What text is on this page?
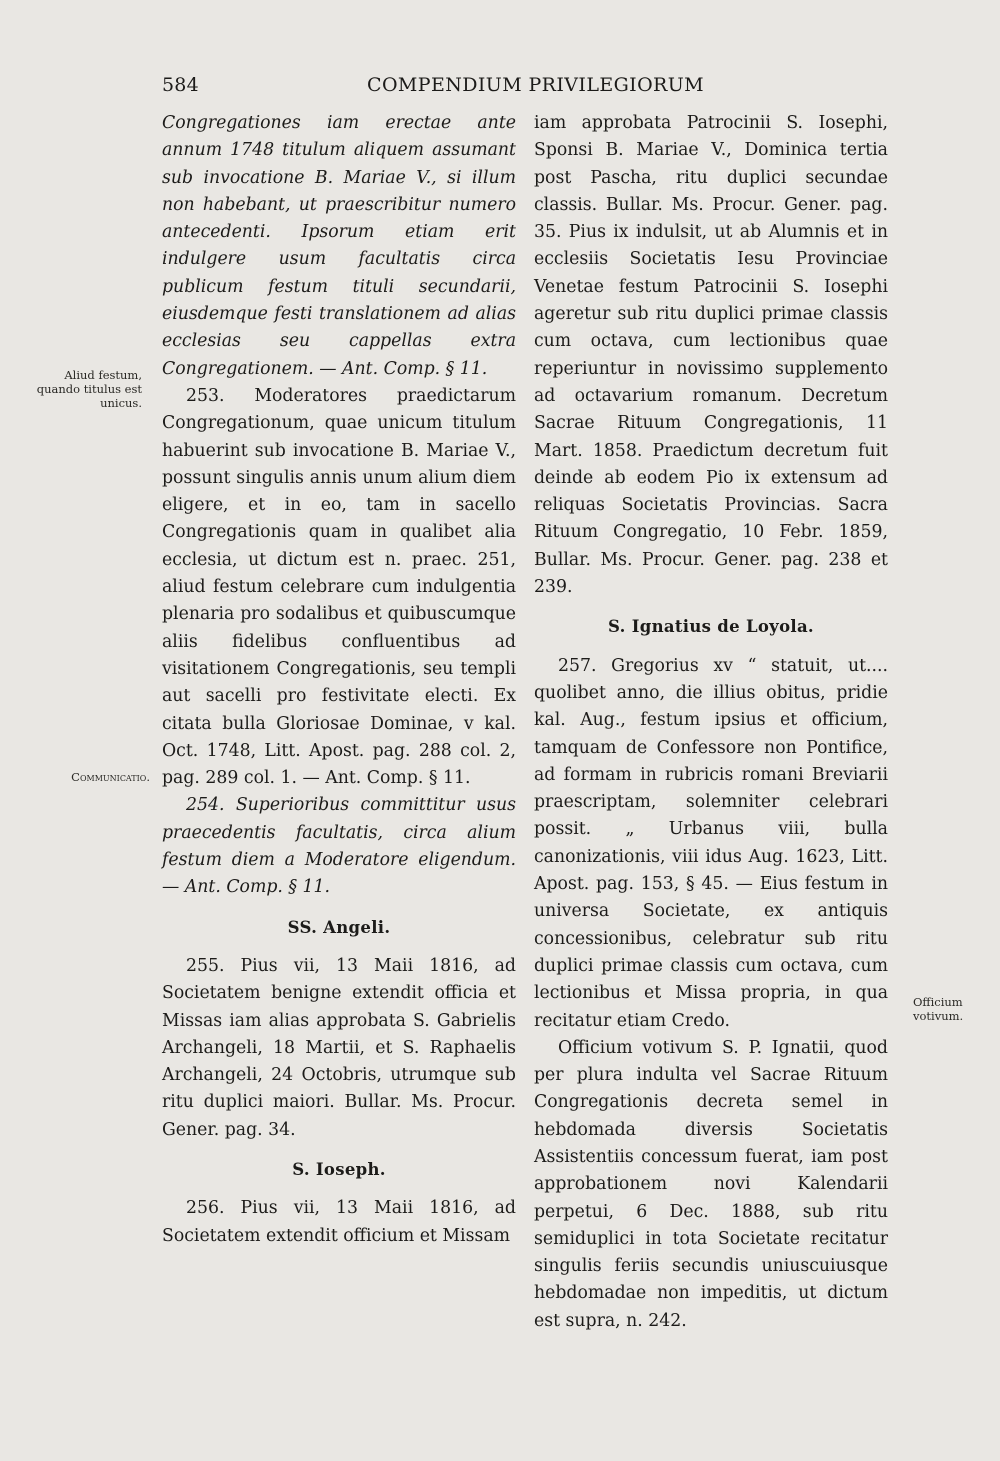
584	COMPENDIUM PRIVILEGIORUM
Aliud festum, quando titulus est unicus.
Communicatio.
Officium votivum.

Congregationes iam erectae ante annum 1748 titulum aliquem assumant sub invocatione B. Mariae V., si illum non habebant, ut praescribitur numero antecedenti. Ipsorum etiam erit indulgere usum facultatis circa publicum festum tituli secundarii, eiusdemque festi translationem ad alias ecclesias seu cappellas extra Congregationem. — Ant. Comp. § 11.

253. Moderatores praedictarum Congregationum, quae unicum titulum habuerint sub invocatione B. Mariae V., possunt singulis annis unum alium diem eligere, et in eo, tam in sacello Congregationis quam in qualibet alia ecclesia, ut dictum est n. praec. 251, aliud festum celebrare cum indulgentia plenaria pro sodalibus et quibuscumque aliis fidelibus confluentibus ad visitationem Congregationis, seu templi aut sacelli pro festivitate electi. Ex citata bulla Gloriosae Dominae, v kal. Oct. 1748, Litt. Apost. pag. 288 col. 2, pag. 289 col. 1. — Ant. Comp. § 11.

254. Superioribus committitur usus praecedentis facultatis, circa alium festum diem a Moderatore eligendum. — Ant. Comp. § 11.

SS. Angeli.

255. Pius vii, 13 Maii 1816, ad Societatem benigne extendit officia et Missas iam alias approbata S. Gabrielis Archangeli, 18 Martii, et S. Raphaelis Archangeli, 24 Octobris, utrumque sub ritu duplici maiori. Bullar. Ms. Procur. Gener. pag. 34.

S. Ioseph.

256. Pius vii, 13 Maii 1816, ad Societatem extendit officium et Missam

iam approbata Patrocinii S. Iosephi, Sponsi B. Mariae V., Dominica tertia post Pascha, ritu duplici secundae classis. Bullar. Ms. Procur. Gener. pag. 35. Pius ix indulsit, ut ab Alumnis et in ecclesiis Societatis Iesu Provinciae Venetae festum Patrocinii S. Iosephi ageretur sub ritu duplici primae classis cum octava, cum lectionibus quae reperiuntur in novissimo supplemento ad octavarium romanum. Decretum Sacrae Rituum Congregationis, 11 Mart. 1858. Praedictum decretum fuit deinde ab eodem Pio ix extensum ad reliquas Societatis Provincias. Sacra Rituum Congregatio, 10 Febr. 1859, Bullar. Ms. Procur. Gener. pag. 238 et 239.

S. Ignatius de Loyola.

257. Gregorius xv “ statuit, ut.... quolibet anno, die illius obitus, pridie kal. Aug., festum ipsius et officium, tamquam de Confessore non Pontifice, ad formam in rubricis romani Breviarii praescriptam, solemniter celebrari possit. „ Urbanus viii, bulla canonizationis, viii idus Aug. 1623, Litt. Apost. pag. 153, § 45. — Eius festum in universa Societate, ex antiquis concessionibus, celebratur sub ritu duplici primae classis cum octava, cum lectionibus et Missa propria, in qua recitatur etiam Credo.

Officium votivum S. P. Ignatii, quod per plura indulta vel Sacrae Rituum Congregationis decreta semel in hebdomada diversis Societatis Assistentiis concessum fuerat, iam post approbationem novi Kalendarii perpetui, 6 Dec. 1888, sub ritu semiduplici in tota Societate recitatur singulis feriis secundis uniuscuiusque hebdomadae non impeditis, ut dictum est supra, n. 242.
